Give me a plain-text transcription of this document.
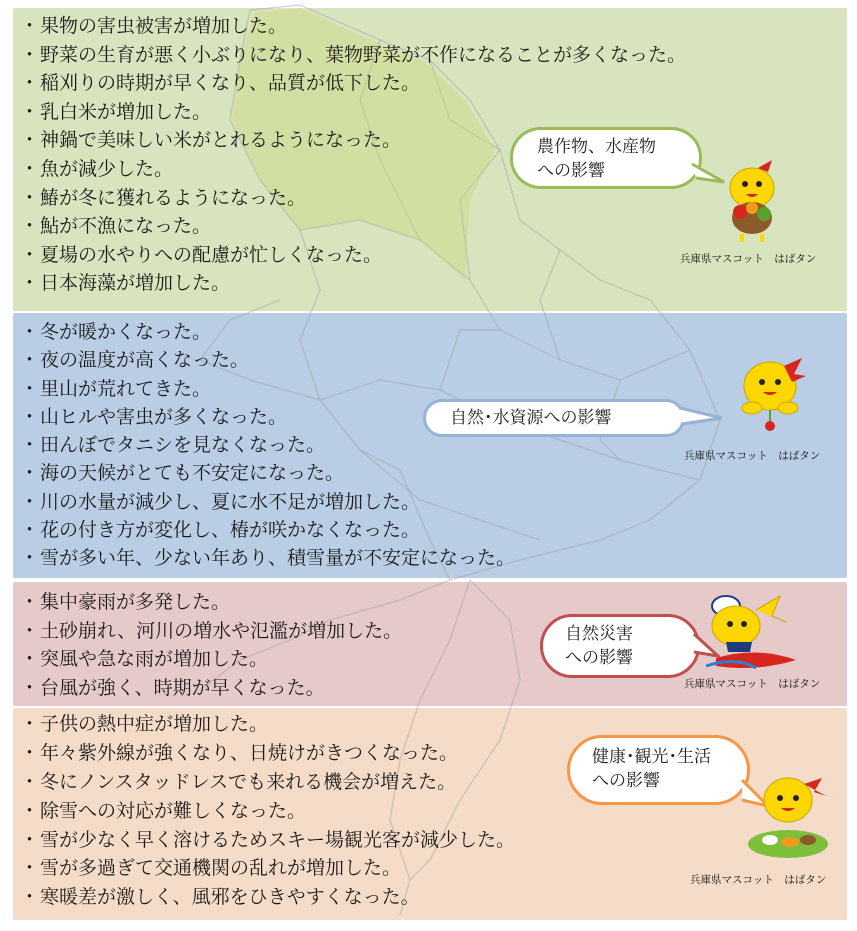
・ 果物の害虫被害が増加した。
・ 野菜の生育が悪く小ぶりになり、葉物野菜が不作になることが多くなった。
・ 稲刈りの時期が早くなり、品質が低下した。
・ 乳白米が増加した。
・ 神鍋で美味しい米がとれるようになった。
・ 魚が減少した。
・ 鰆が冬に獲れるようになった。
・ 鮎が不漁になった。
・ 夏場の水やりへの配慮が忙しくなった。
・ 日本海藻が増加した。
・ 冬が暖かくなった。
・ 夜の温度が高くなった。
・ 里山が荒れてきた。
・ 山ヒルや害虫が多くなった。
・ 田んぼでタニシを見なくなった。
・ 海の天候がとても不安定になった。
・ 川の水量が減少し、夏に水不足が増加した。
・ 花の付き方が変化し、椿が咲かなくなった。
・ 雪が多い年、少ない年あり、積雪量が不安定になった。
・ 集中豪雨が多発した。
・ 土砂崩れ、河川の増水や氾濫が増加した。
・ 突風や急な雨が増加した。
・ 台風が強く、時期が早くなった。
・ 子供の熱中症が増加した。
・ 年々紫外線が強くなり、日焼けがきつくなった。
・ 冬にノンスタッドレスでも来れる機会が増えた。
・ 除雪への対応が難しくなった。
・ 雪が少なく早く溶けるためスキー場観光客が減少した。
・ 雪が多過ぎて交通機関の乱れが増加した。
・ 寒暖差が激しく、風邪をひきやすくなった。
農作物、水産物
への影響
自然･水資源への影響
自然災害
への影響
健康･観光･生活
への影響
兵庫県マスコット　はばタン
兵庫県マスコット　はばタン
兵庫県マスコット　はばタン
兵庫県マスコット　はばタン
